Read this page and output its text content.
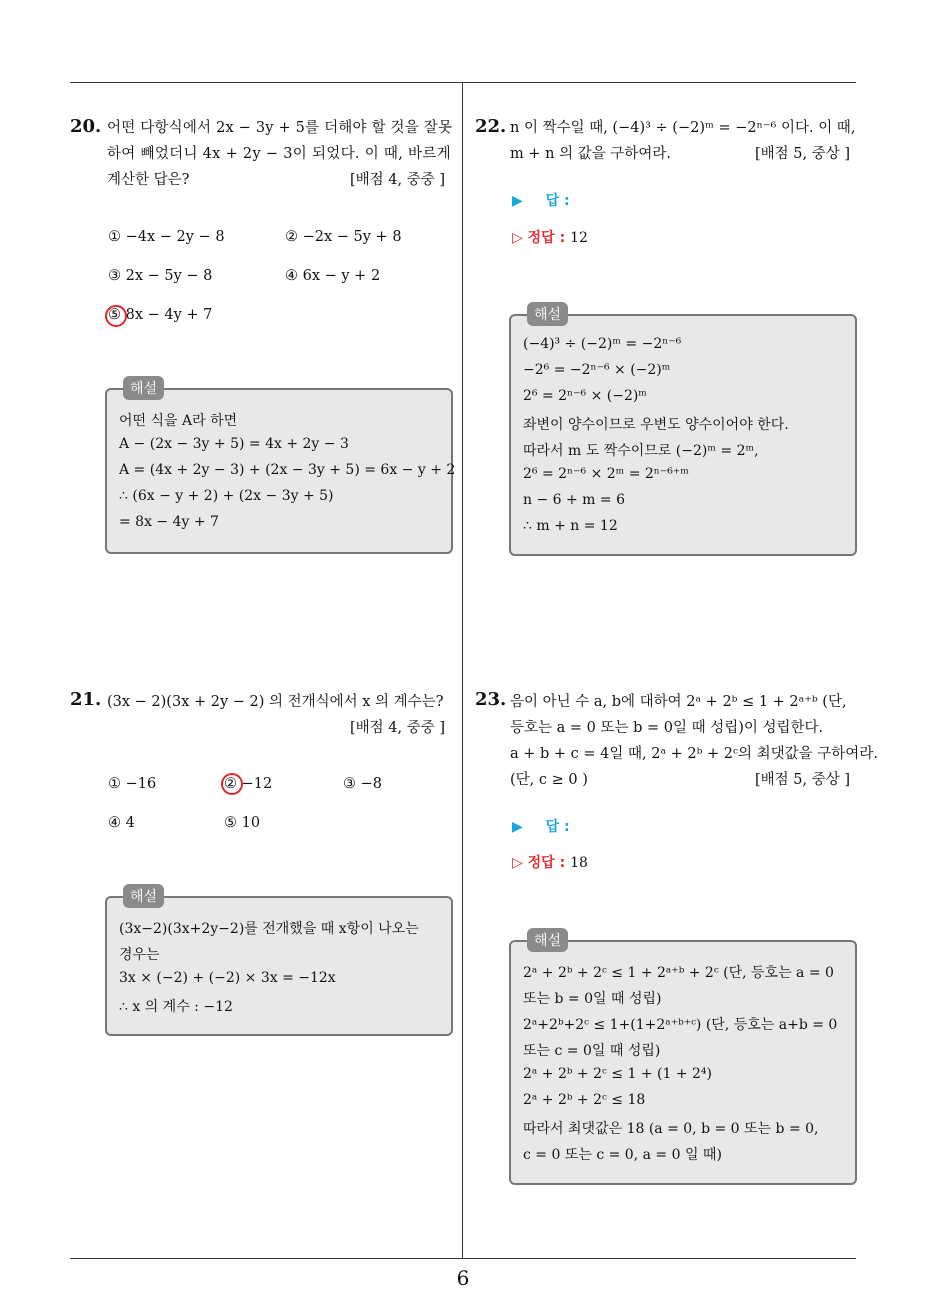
6
20. 어떤 다항식에서 2x − 3y + 5를 더해야 할 것을 잘못
하여 빼었더니 4x + 2y − 3이 되었다. 이 때, 바르게
계산한 답은?	[배점 4, 중중 ]
① −4x − 2y − 8	② −2x − 5y + 8
③ 2x − 5y − 8	④ 6x − y + 2
⑤ 8x − 4y + 7
해설
어떤 식을 A라 하면
A − (2x − 3y + 5) = 4x + 2y − 3
A = (4x + 2y − 3) + (2x − 3y + 5) = 6x − y + 2
∴ (6x − y + 2) + (2x − 3y + 5)
= 8x − 4y + 7
21. (3x − 2)(3x + 2y − 2) 의 전개식에서 x 의 계수는?
[배점 4, 중중 ]
① −16	② −12	③ −8
④ 4	⑤ 10
해설
(3x−2)(3x+2y−2)를 전개했을 때 x항이 나오는
경우는
3x × (−2) + (−2) × 3x = −12x
∴ x 의 계수 : −12
22. n 이 짝수일 때, (−4)³ ÷ (−2)ᵐ = −2ⁿ⁻⁶ 이다. 이 때,
m + n 의 값을 구하여라.	[배점 5, 중상 ]
▶ 답 :
▷ 정답 : 12
해설
(−4)³ ÷ (−2)ᵐ = −2ⁿ⁻⁶
−2⁶ = −2ⁿ⁻⁶ × (−2)ᵐ
2⁶ = 2ⁿ⁻⁶ × (−2)ᵐ
좌변이 양수이므로 우변도 양수이어야 한다.
따라서 m 도 짝수이므로 (−2)ᵐ = 2ᵐ,
2⁶ = 2ⁿ⁻⁶ × 2ᵐ = 2ⁿ⁻⁶⁺ᵐ
n − 6 + m = 6
∴ m + n = 12
23. 음이 아닌 수 a, b에 대하여 2ᵃ + 2ᵇ ≤ 1 + 2ᵃ⁺ᵇ (단,
등호는 a = 0 또는 b = 0일 때 성립)이 성립한다.
a + b + c = 4일 때, 2ᵃ + 2ᵇ + 2ᶜ의 최댓값을 구하여라.
(단, c ≥ 0 )	[배점 5, 중상 ]
▶ 답 :
▷ 정답 : 18
해설
2ᵃ + 2ᵇ + 2ᶜ ≤ 1 + 2ᵃ⁺ᵇ + 2ᶜ (단, 등호는 a = 0
또는 b = 0일 때 성립)
2ᵃ+2ᵇ+2ᶜ ≤ 1+(1+2ᵃ⁺ᵇ⁺ᶜ) (단, 등호는 a+b = 0
또는 c = 0일 때 성립)
2ᵃ + 2ᵇ + 2ᶜ ≤ 1 + (1 + 2⁴)
2ᵃ + 2ᵇ + 2ᶜ ≤ 18
따라서 최댓값은 18 (a = 0, b = 0 또는 b = 0,
c = 0 또는 c = 0, a = 0 일 때)
